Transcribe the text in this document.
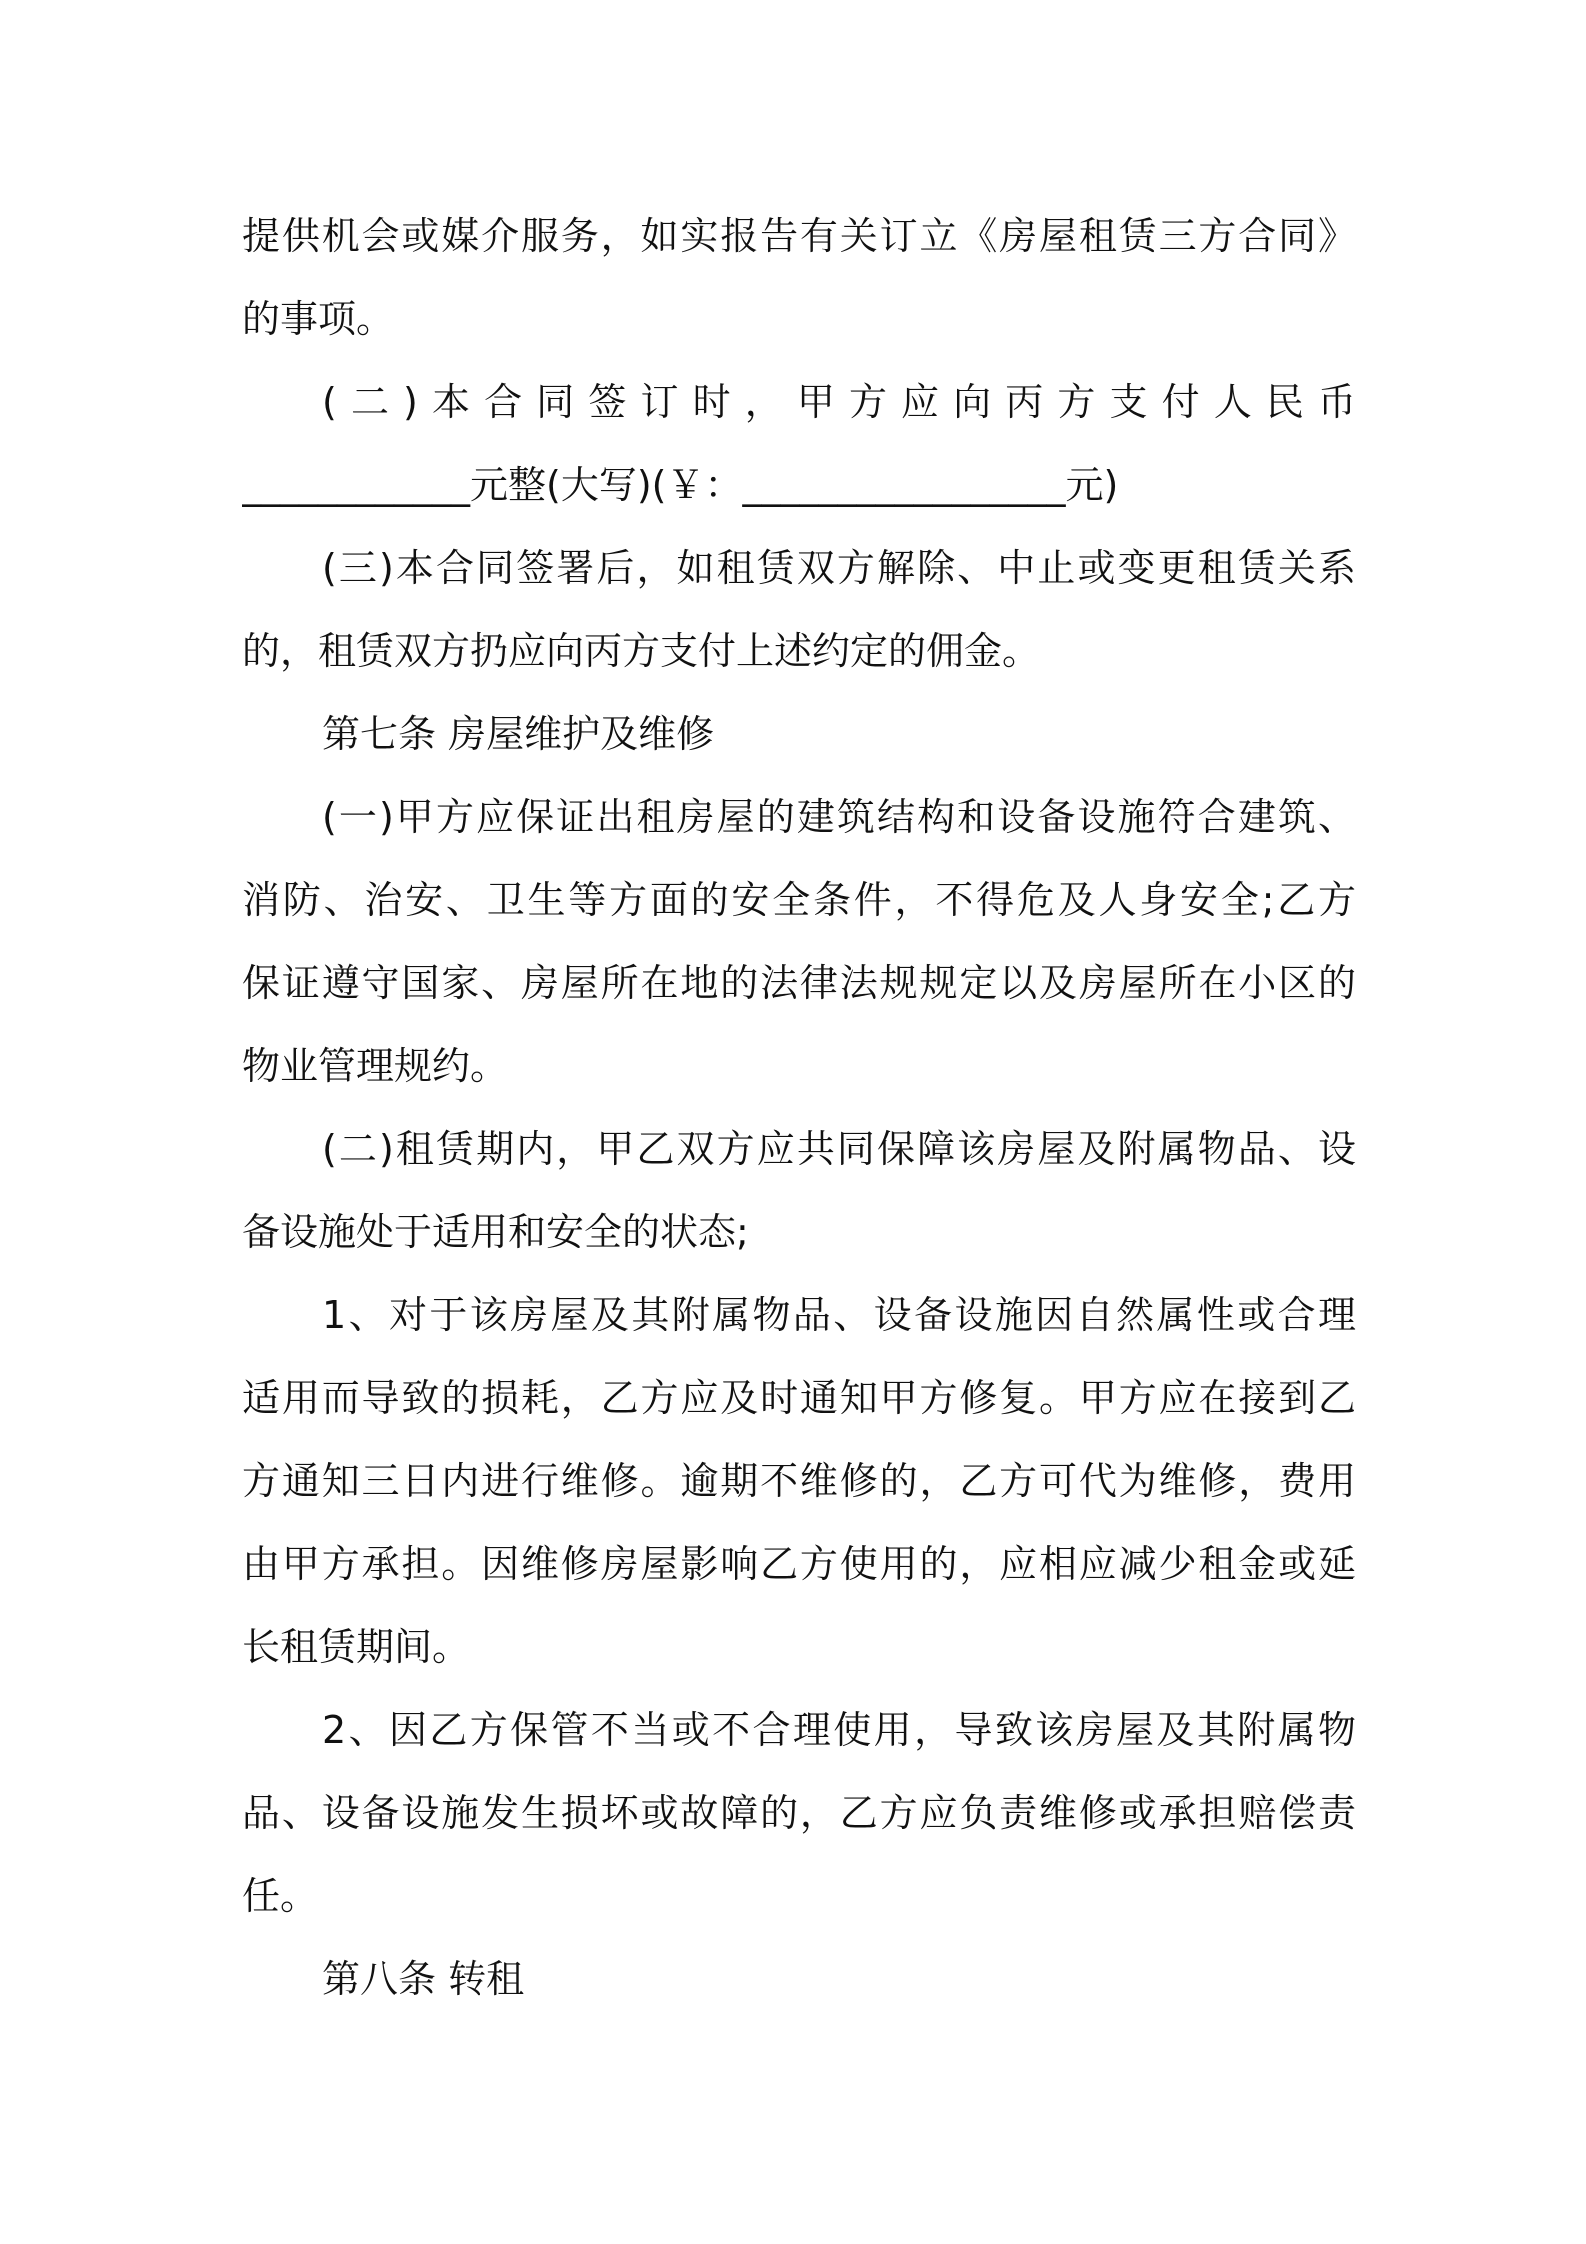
提供机会或媒介服务，如实报告有关订立《房屋租赁三方合同》
的事项。
(二)本合同签订时，甲方应向丙方支付人民币
____________元整(大写)(￥：_________________元)
(三)本合同签署后，如租赁双方解除、中止或变更租赁关系
的，租赁双方扔应向丙方支付上述约定的佣金。
第七条 房屋维护及维修
(一)甲方应保证出租房屋的建筑结构和设备设施符合建筑、
消防、治安、卫生等方面的安全条件，不得危及人身安全;乙方
保证遵守国家、房屋所在地的法律法规规定以及房屋所在小区的
物业管理规约。
(二)租赁期内，甲乙双方应共同保障该房屋及附属物品、设
备设施处于适用和安全的状态;
1、对于该房屋及其附属物品、设备设施因自然属性或合理
适用而导致的损耗，乙方应及时通知甲方修复。甲方应在接到乙
方通知三日内进行维修。逾期不维修的，乙方可代为维修，费用
由甲方承担。因维修房屋影响乙方使用的，应相应减少租金或延
长租赁期间。
2、因乙方保管不当或不合理使用，导致该房屋及其附属物
品、设备设施发生损坏或故障的，乙方应负责维修或承担赔偿责
任。
第八条 转租
